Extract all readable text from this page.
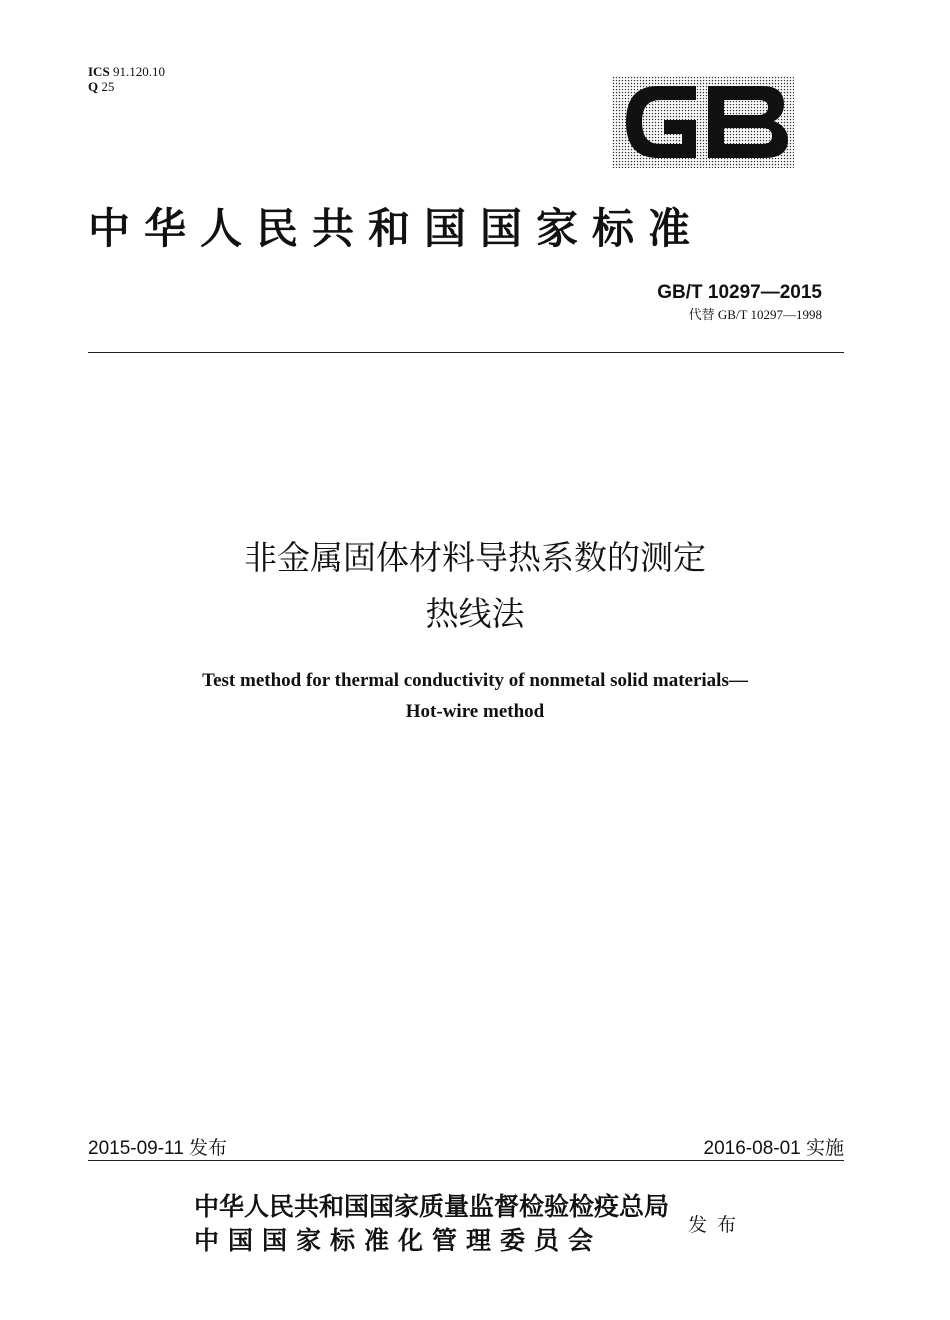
ICS 91.120.10
Q 25
中华人民共和国国家标准
GB/T 10297—2015
代替 GB/T 10297—1998
非金属固体材料导热系数的测定
热线法
Test method for thermal conductivity of nonmetal solid materials—
Hot-wire method
2015-09-11 发布	2016-08-01 实施
中华人民共和国国家质量监督检验检疫总局
中国国家标准化管理委员会
发布
